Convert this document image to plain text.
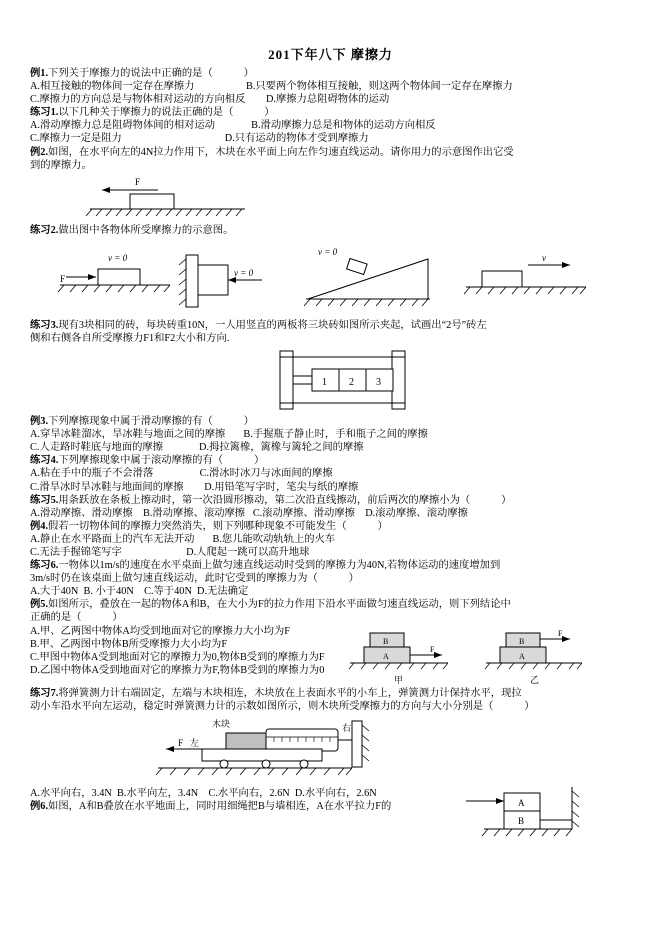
201下年八下 摩擦力

例1.下列关于摩擦力的说法中正确的是（            ）

A.相互接触的物体间一定存在摩擦力                    B.只要两个物体相互接触，则这两个物体间一定存在摩擦力

C.摩擦力的方向总是与物体相对运动的方向相反        D.摩擦力总阻碍物体的运动

练习1.以下几种关于摩擦力的说法正确的是（            ）

A.滑动摩擦力总是阻碍物体间的相对运动              B.滑动摩擦力总是和物体的运动方向相反

C.摩擦力一定是阻力                                        D.只有运动的物体才受到摩擦力

例2.如图，在水平向左的4N拉力作用下，木块在水平面上向左作匀速直线运动。请你用力的示意图作出它受

到的摩擦力。

F

练习2.做出图中各物体所受摩擦力的示意图。

v = 0
F
v = 0
v = 0
v

练习3.现有3块相同的砖，每块砖重10N，一人用竖直的两板将三块砖如图所示夹起，试画出“2号”砖左

侧和右侧各自所受摩擦力F1和F2大小和方向.

1 2 3

例3.下列摩擦现象中属于滑动摩擦的有（            ）

A.穿旱冰鞋溜冰，旱冰鞋与地面之间的摩擦       B.手握瓶子静止时，手和瓶子之间的摩擦

C.人走路时鞋底与地面的摩擦              D.拇拉篱橡，篱橡与篱轮之间的摩擦

练习4.下列摩擦现象中属于滚动摩擦的有（            ）

A.粘在手中的瓶子不会滑落                  C.滑冰时冰刀与冰面间的摩擦

C.滑旱冰时旱冰鞋与地面间的摩擦        D.用铅笔写字时，笔尖与纸的摩擦

练习5.用条跃放在条板上擦动时，第一次沿圆形擦动，第二次沿直线擦动，前后两次的摩擦小为（            ）

A.滑动摩擦、滑动摩擦    B.滑动摩擦、滚动摩擦   C.滚动摩擦、滑动摩擦    D.滚动摩擦、滚动摩擦

例4.假若一切物体间的摩擦力突然消失，则下列哪种现象不可能发生（            ）

A.静止在水平路面上的汽车无法开动       B.您儿能吹动轨轨上的火车

C.无法手握锦笔写字                         D.人爬起一跳可以高升地球

练习6.一物体以1m/s的速度在水平桌面上做匀速直线运动时受到的摩擦力为40N,若物体运动的速度增加到

3m/s时仍在该桌面上做匀速直线运动，此时它受到的摩擦力为（            ）

A.大于40N  B. 小于40N    C.等于40N  D.无法确定

例5.如图所示，叠放在一起的物体A和B，在大小为F的拉力作用下沿水平面做匀速直线运动，则下列结论中

正确的是（            ）

A.甲、乙两图中物体A均受到地面对它的摩擦力大小均为F

B.甲、乙两图中物体B所受摩擦力大小均为F

C.甲图中物体A受到地面对它的摩擦力为0,物体B受到的摩擦力为F

D.乙图中物体A受到地面对它的摩擦力为F,物体B受到的摩擦力为0

B
A
F
甲
B
F
A
乙

练习7.将弹簧测力计右端固定，左端与木块相连，木块放在上表面水平的小车上，弹簧测力计保持水平，现拉

动小车沿水平向左运动，稳定时弹簧测力计的示数如图所示，则木块所受摩擦力的方向与大小分别是（            ）

木块	右
F 左

A.水平向右，3.4N  B.水平向左，3.4N    C.水平向右，2.6N  D.水平向右，2.6N

例6.如图，A和B叠放在水平地面上，同时用细绳把B与墙相连，A在水平拉力F的	A
B
